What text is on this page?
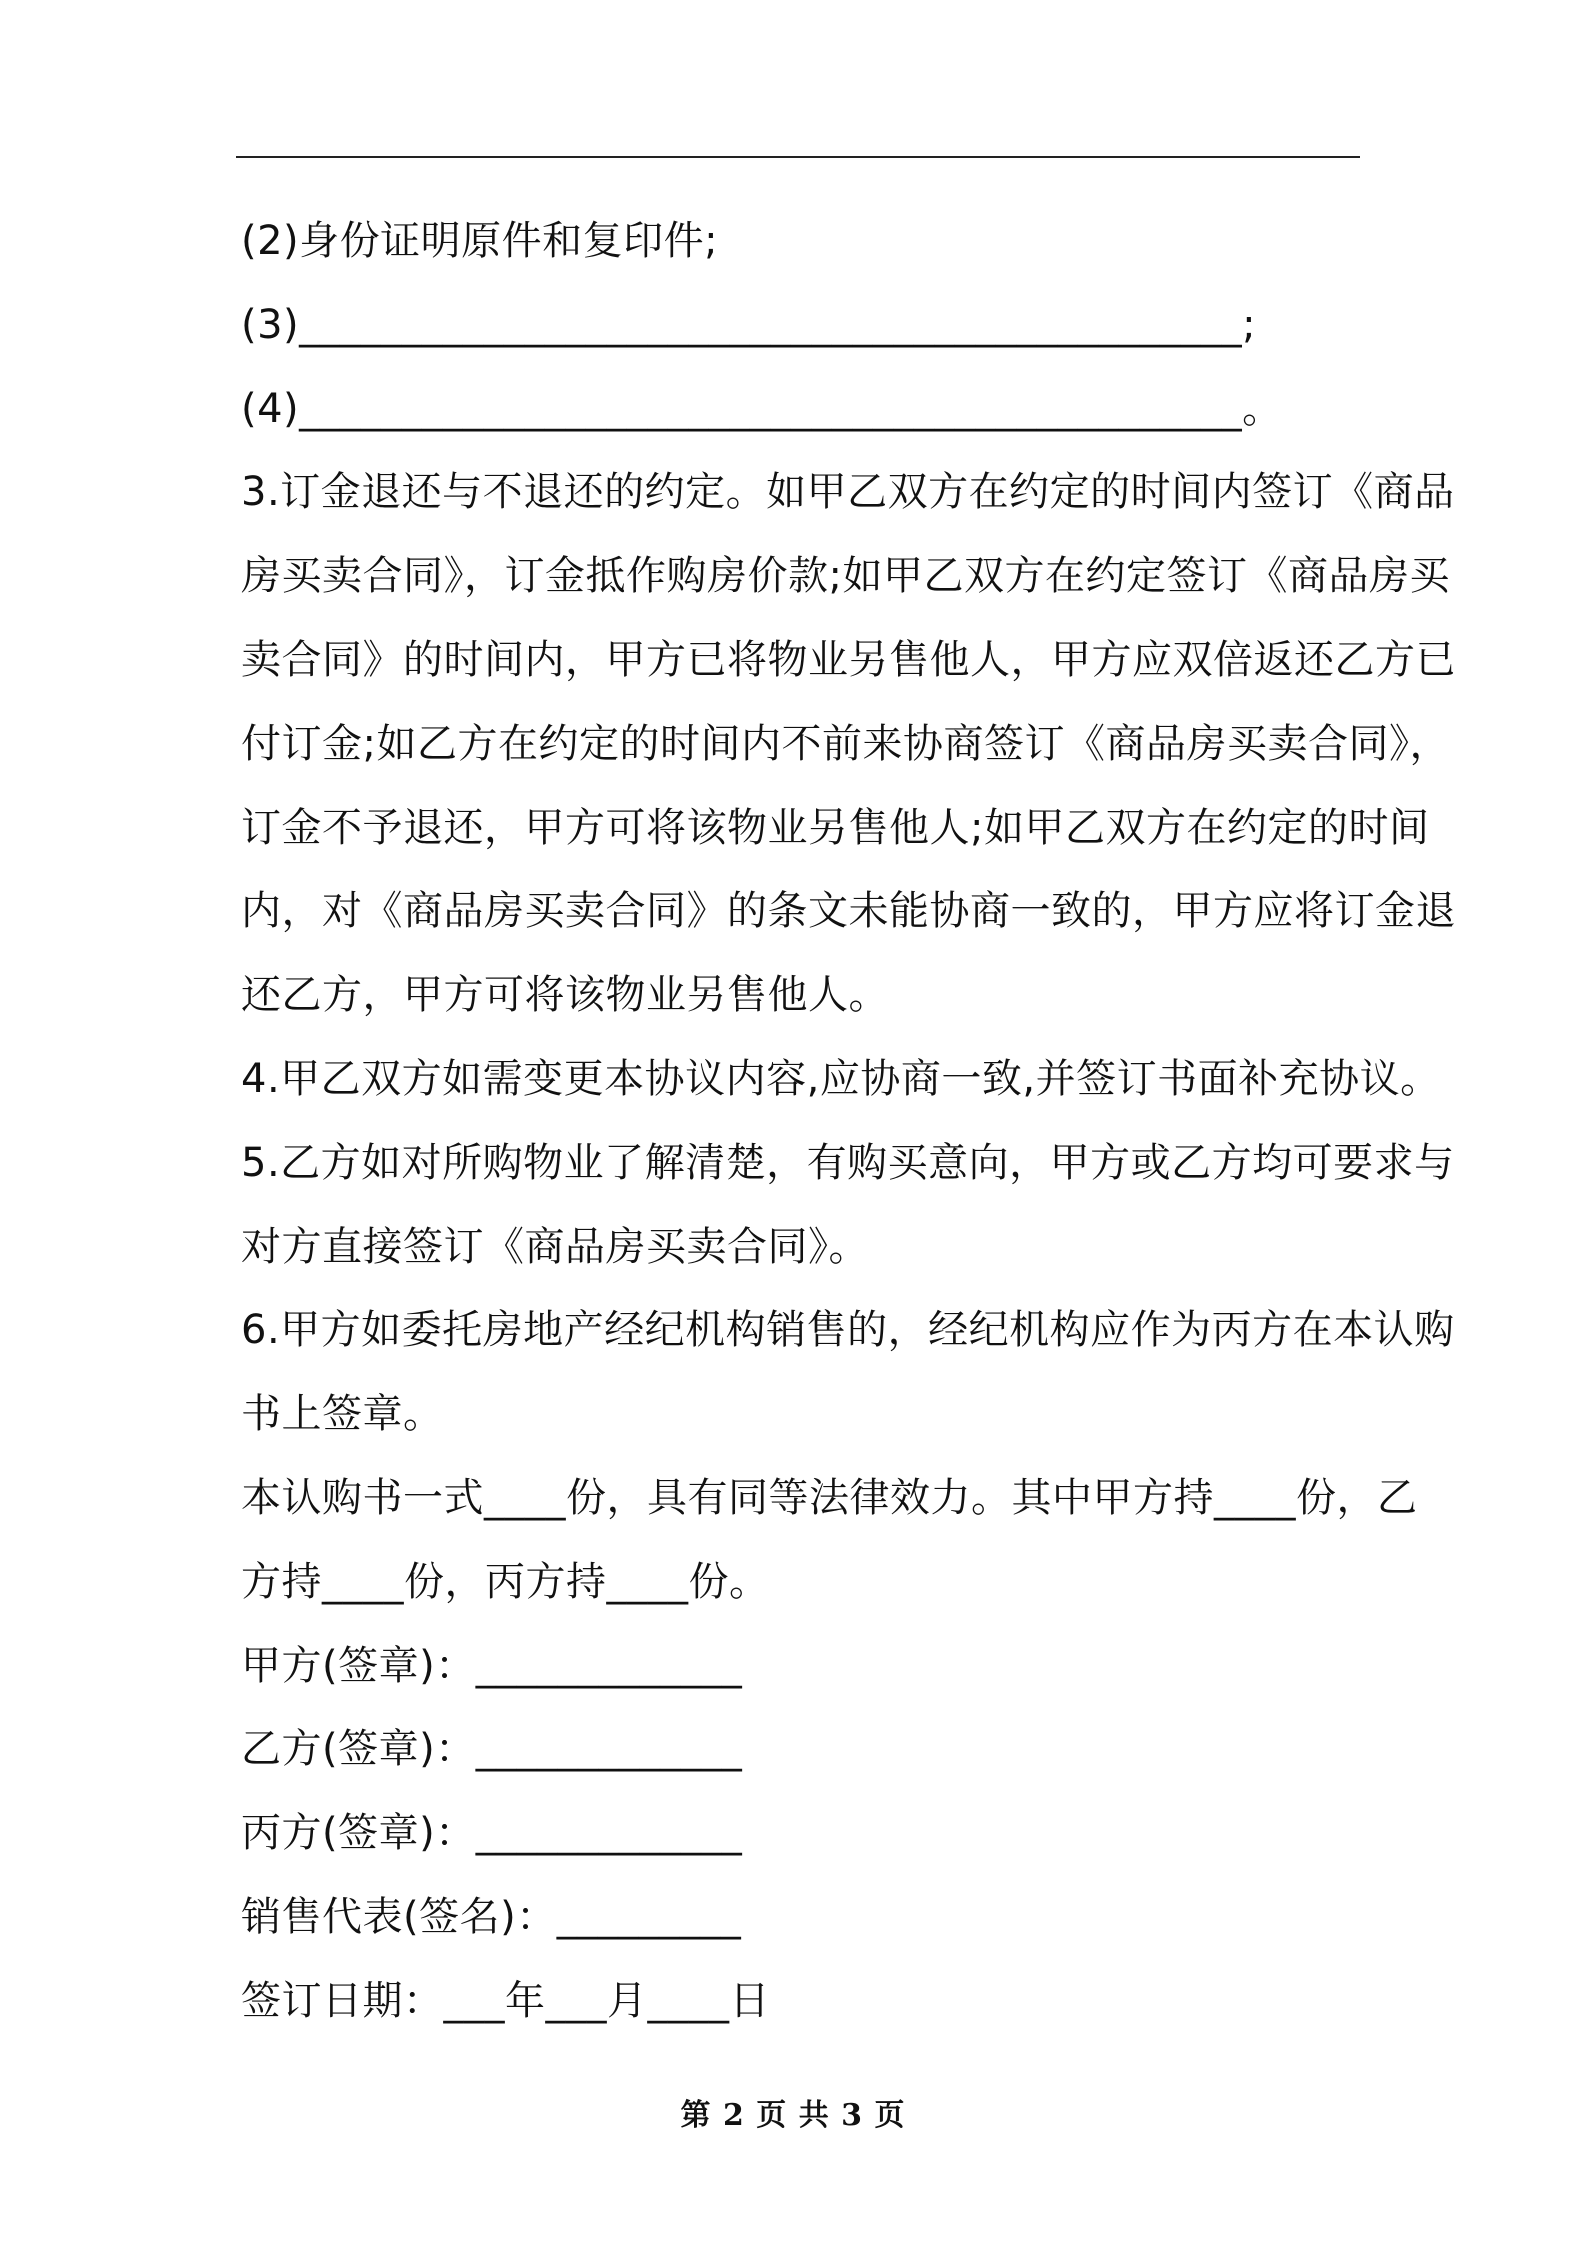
(2)身份证明原件和复印件;
(3)______________________________________________;
(4)______________________________________________。
3.订金退还与不退还的约定。如甲乙双方在约定的时间内签订《商品
房买卖合同》，订金抵作购房价款;如甲乙双方在约定签订《商品房买
卖合同》的时间内，甲方已将物业另售他人，甲方应双倍返还乙方已
付订金;如乙方在约定的时间内不前来协商签订《商品房买卖合同》，
订金不予退还，甲方可将该物业另售他人;如甲乙双方在约定的时间
内，对《商品房买卖合同》的条文未能协商一致的，甲方应将订金退
还乙方，甲方可将该物业另售他人。
4.甲乙双方如需变更本协议内容,应协商一致,并签订书面补充协议。
5.乙方如对所购物业了解清楚，有购买意向，甲方或乙方均可要求与
对方直接签订《商品房买卖合同》。
6.甲方如委托房地产经纪机构销售的，经纪机构应作为丙方在本认购
书上签章。
本认购书一式____份，具有同等法律效力。其中甲方持____份，乙
方持____份，丙方持____份。
甲方(签章)：_____________
乙方(签章)：_____________
丙方(签章)：_____________
销售代表(签名)：_________
签订日期：___年___月____日
第 2 页 共 3 页
